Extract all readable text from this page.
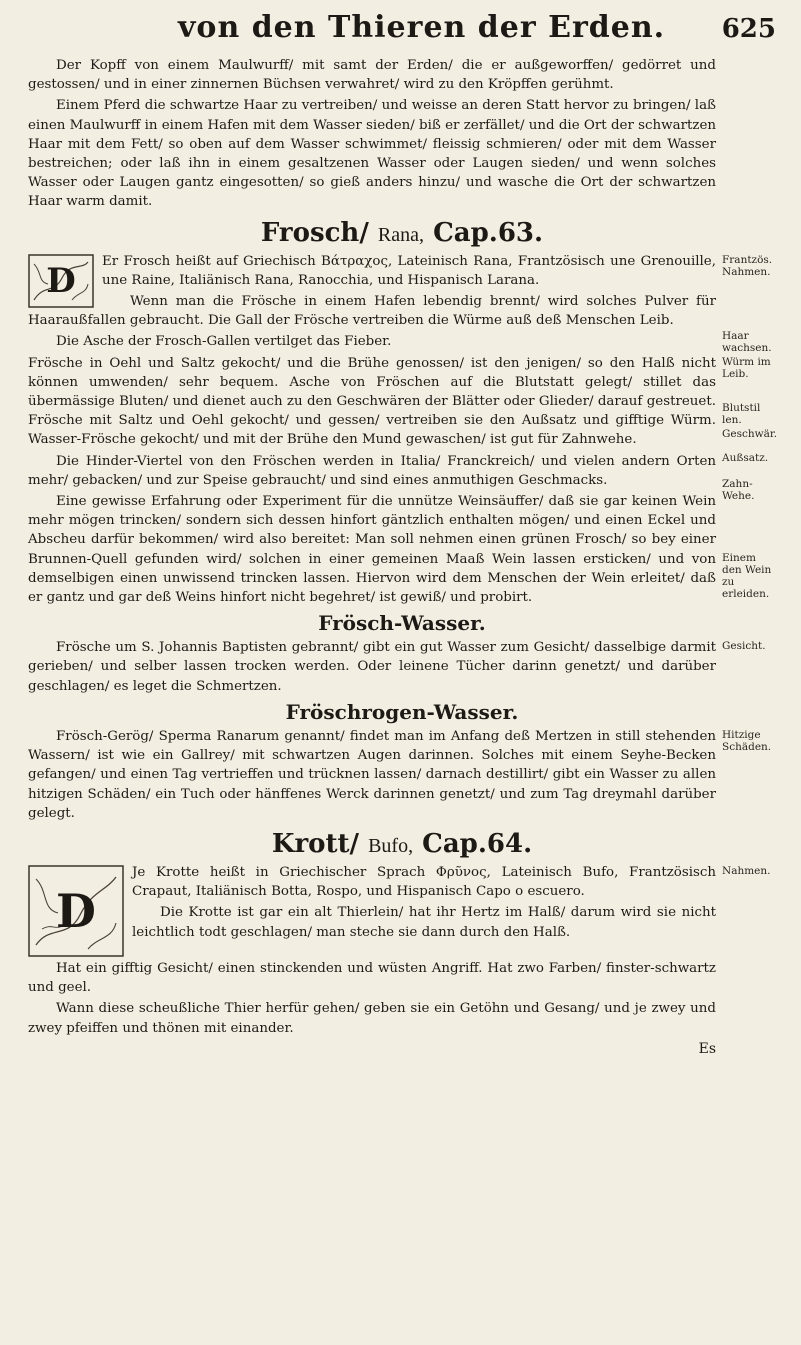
von den Thieren der Erden. 625

Der Kopff von einem Maulwurff/ mit samt der Erden/ die er außgeworffen/ gedörret und gestossen/ und in einer zinnernen Büchsen verwahret/ wird zu den Kröpffen gerühmt.

Einem Pferd die schwartze Haar zu vertreiben/ und weisse an deren Statt hervor zu bringen/ laß einen Maulwurff in einem Hafen mit dem Wasser sieden/ biß er zerfället/ und die Ort der schwartzen Haar mit dem Fett/ so oben auf dem Wasser schwimmet/ fleissig schmieren/ oder mit dem Wasser bestreichen; oder laß ihn in einem gesaltzenen Wasser oder Laugen sieden/ und wenn solches Wasser oder Laugen gantz eingesotten/ so gieß anders hinzu/ und wasche die Ort der schwartzen Haar warm damit.

Frosch/ Rana, Cap.63.
Frantzös. Nahmen.
Haar wachsen.
Würm im Leib.
Blutstil len.
Geschwär.
Außsatz.
Zahn-Wehe.
Einem den Wein zu erleiden.
D	Er Frosch heißt auf Griechisch Βάτραχος, Lateinisch Rana, Frantzösisch une Grenouille, une Raine, Italiänisch Rana, Ranocchia, und Hispanisch Larana.

Wenn man die Frösche in einem Hafen lebendig brennt/ wird solches Pulver für Haaraußfallen gebraucht. Die Gall der Frösche vertreiben die Würme auß deß Menschen Leib.

Die Asche der Frosch-Gallen vertilget das Fieber.

Frösche in Oehl und Saltz gekocht/ und die Brühe genossen/ ist den jenigen/ so den Halß nicht können umwenden/ sehr bequem. Asche von Fröschen auf die Blutstatt gelegt/ stillet das übermässige Bluten/ und dienet auch zu den Geschwären der Blätter oder Glieder/ darauf gestreuet. Frösche mit Saltz und Oehl gekocht/ und gessen/ vertreiben sie den Außsatz und gifftige Würm. Wasser-Frösche gekocht/ und mit der Brühe den Mund gewaschen/ ist gut für Zahnwehe.

Die Hinder-Viertel von den Fröschen werden in Italia/ Franckreich/ und vielen andern Orten mehr/ gebacken/ und zur Speise gebraucht/ und sind eines anmuthigen Geschmacks.

Eine gewisse Erfahrung oder Experiment für die unnütze Weinsäuffer/ daß sie gar keinen Wein mehr mögen trincken/ sondern sich dessen hinfort gäntzlich enthalten mögen/ und einen Eckel und Abscheu darfür bekommen/ wird also bereitet: Man soll nehmen einen grünen Frosch/ so bey einer Brunnen-Quell gefunden wird/ solchen in einer gemeinen Maaß Wein lassen ersticken/ und von demselbigen einen unwissend trincken lassen. Hiervon wird dem Menschen der Wein erleitet/ daß er gantz und gar deß Weins hinfort nicht begehret/ ist gewiß/ und probirt.

Frösch-Wasser.
Gesicht.

Frösche um S. Johannis Baptisten gebrannt/ gibt ein gut Wasser zum Gesicht/ dasselbige darmit gerieben/ und selber lassen trocken werden. Oder leinene Tücher darinn genetzt/ und darüber geschlagen/ es leget die Schmertzen.

Fröschrogen-Wasser.
Hitzige Schäden.

Frösch-Gerög/ Sperma Ranarum genannt/ findet man im Anfang deß Mertzen in still stehenden Wassern/ ist wie ein Gallrey/ mit schwartzen Augen darinnen. Solches mit einem Seyhe-Becken gefangen/ und einen Tag vertrieffen und trücknen lassen/ darnach destillirt/ gibt ein Wasser zu allen hitzigen Schäden/ ein Tuch oder hänffenes Werck darinnen genetzt/ und zum Tag dreymahl darüber gelegt.

Krott/ Bufo, Cap.64.
Nahmen.
D

Je Krotte heißt in Griechischer Sprach Φρῦνος, Lateinisch Bufo, Frantzösisch Crapaut, Italiänisch Botta, Rospo, und Hispanisch Capo o escuero.

Die Krotte ist gar ein alt Thierlein/ hat ihr Hertz im Halß/ darum wird sie nicht leichtlich todt geschlagen/ man steche sie dann durch den Halß.

Hat ein gifftig Gesicht/ einen stinckenden und wüsten Angriff. Hat zwo Farben/ finster-schwartz und geel.

Wann diese scheußliche Thier herfür gehen/ geben sie ein Getöhn und Gesang/ und je zwey und zwey pfeiffen und thönen mit einander.

Es
